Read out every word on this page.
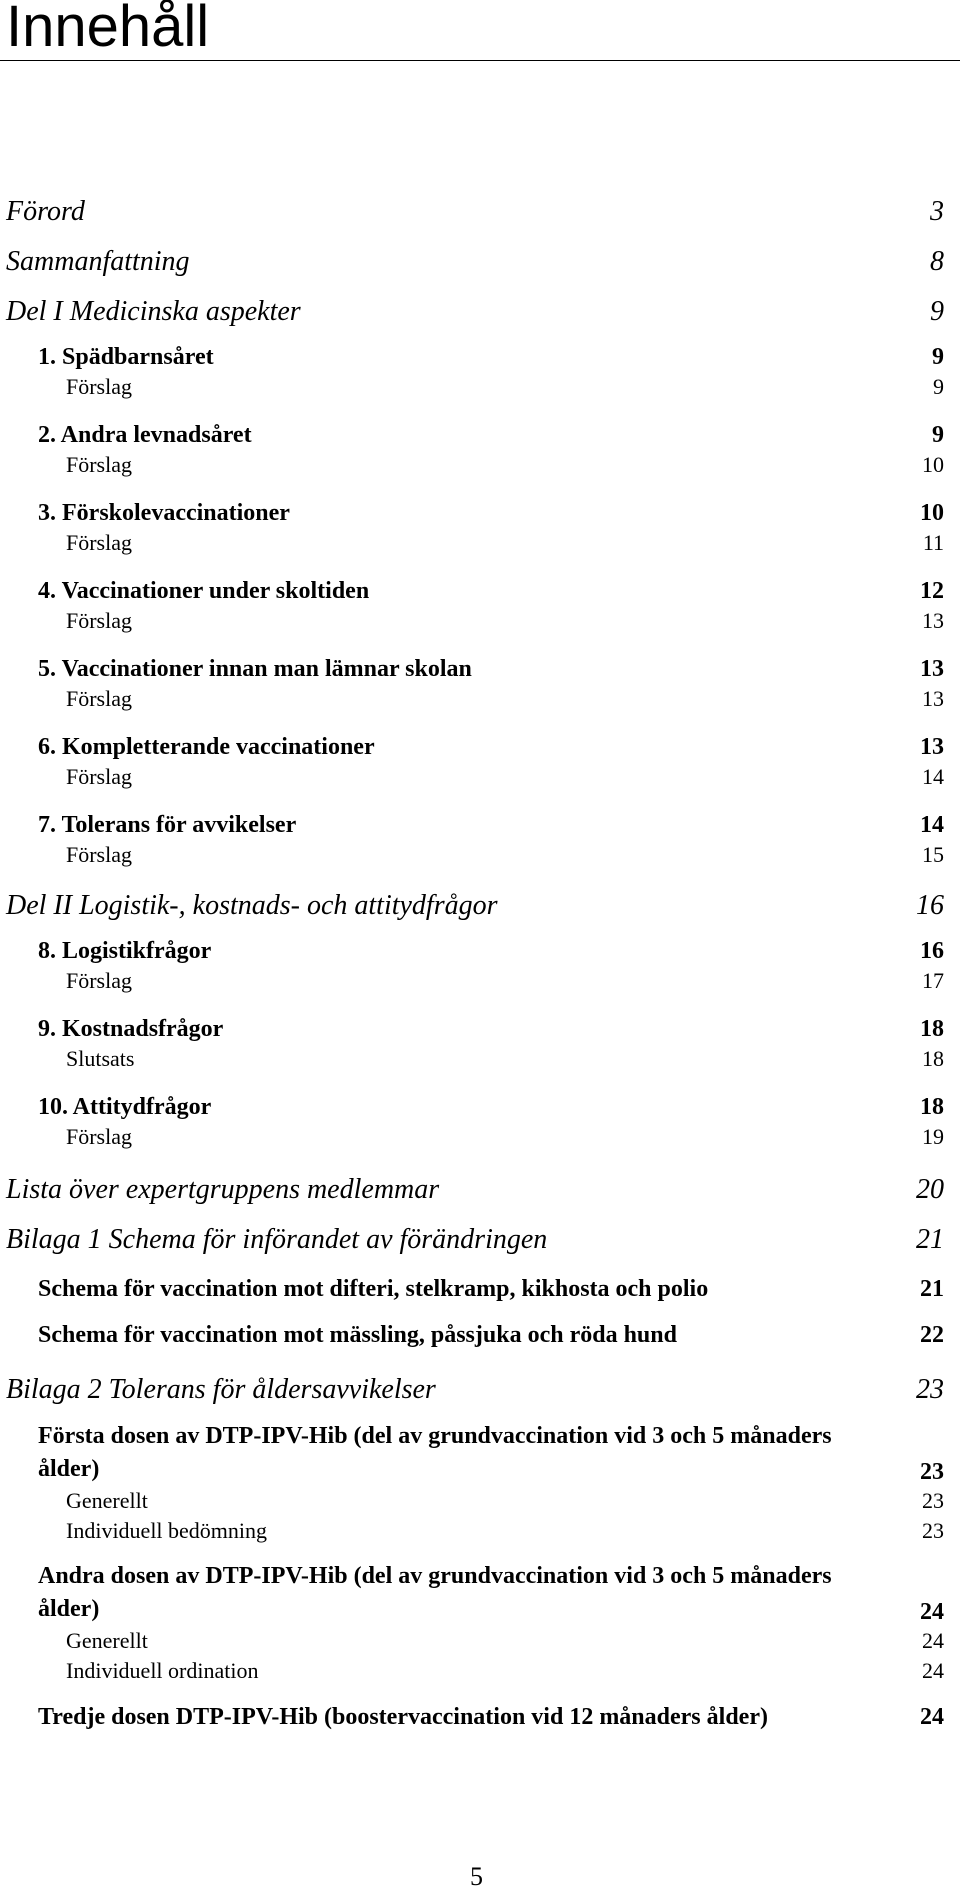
Innehåll
Förord	3
Sammanfattning	8
Del I Medicinska aspekter	9
1. Spädbarnsåret	9
Förslag	9
2. Andra levnadsåret	9
Förslag	10
3. Förskolevaccinationer	10
Förslag	11
4. Vaccinationer under skoltiden	12
Förslag	13
5. Vaccinationer innan man lämnar skolan	13
Förslag	13
6. Kompletterande vaccinationer	13
Förslag	14
7. Tolerans för avvikelser	14
Förslag	15
Del II Logistik-, kostnads- och attitydfrågor	16
8. Logistikfrågor	16
Förslag	17
9. Kostnadsfrågor	18
Slutsats	18
10. Attitydfrågor	18
Förslag	19
Lista över expertgruppens medlemmar	20
Bilaga 1 Schema för införandet av förändringen	21
Schema för vaccination mot difteri, stelkramp, kikhosta och polio	21
Schema för vaccination mot mässling, påssjuka och röda hund	22
Bilaga 2 Tolerans för åldersavvikelser	23
Första dosen av DTP-IPV-Hib (del av grundvaccination vid 3 och 5 månaders ålder)	23
Generellt	23
Individuell bedömning	23
Andra dosen av DTP-IPV-Hib (del av grundvaccination vid 3 och 5 månaders ålder)	24
Generellt	24
Individuell ordination	24
Tredje dosen DTP-IPV-Hib (boostervaccination vid 12 månaders ålder)	24
5
